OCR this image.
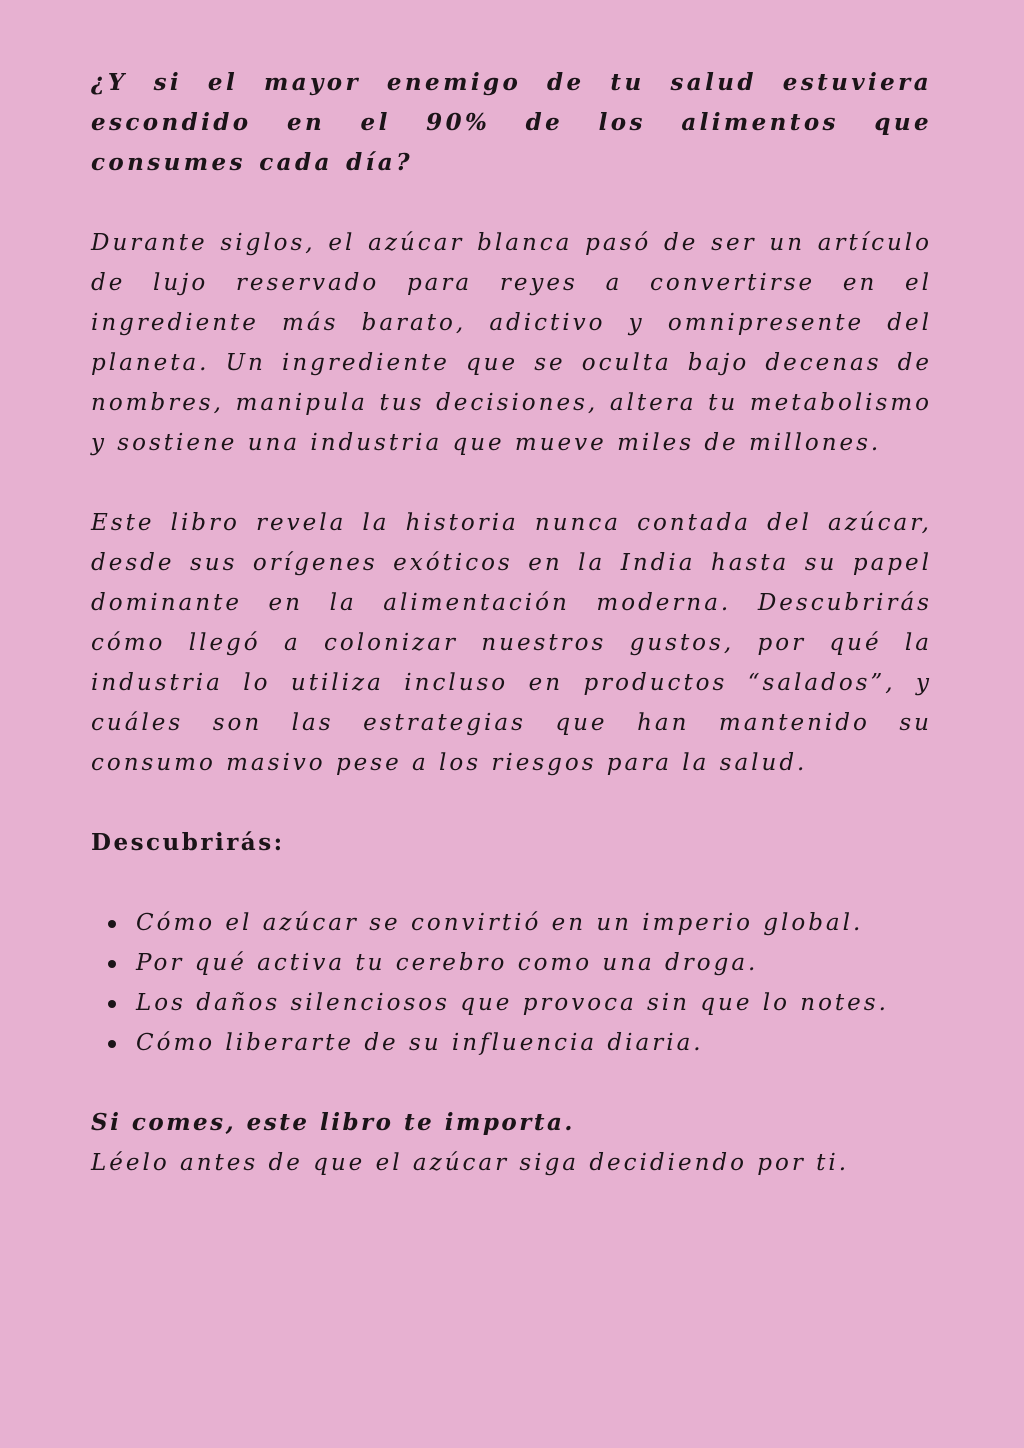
¿Y si el mayor enemigo de tu salud estuviera escondido en el 90% de los alimentos que consumes cada día?

Durante siglos, el azúcar blanca pasó de ser un artículo de lujo reservado para reyes a convertirse en el ingrediente más barato, adictivo y omnipresente del planeta. Un ingrediente que se oculta bajo decenas de nombres, manipula tus decisiones, altera tu metabolismo y sostiene una industria que mueve miles de millones.

Este libro revela la historia nunca contada del azúcar, desde sus orígenes exóticos en la India hasta su papel dominante en la alimentación moderna. Descubrirás cómo llegó a colonizar nuestros gustos, por qué la industria lo utiliza incluso en productos “salados”, y cuáles son las estrategias que han mantenido su consumo masivo pese a los riesgos para la salud.

Descubrirás:

Cómo el azúcar se convirtió en un imperio global.
Por qué activa tu cerebro como una droga.
Los daños silenciosos que provoca sin que lo notes.
Cómo liberarte de su influencia diaria.

Si comes, este libro te importa.

Léelo antes de que el azúcar siga decidiendo por ti.
